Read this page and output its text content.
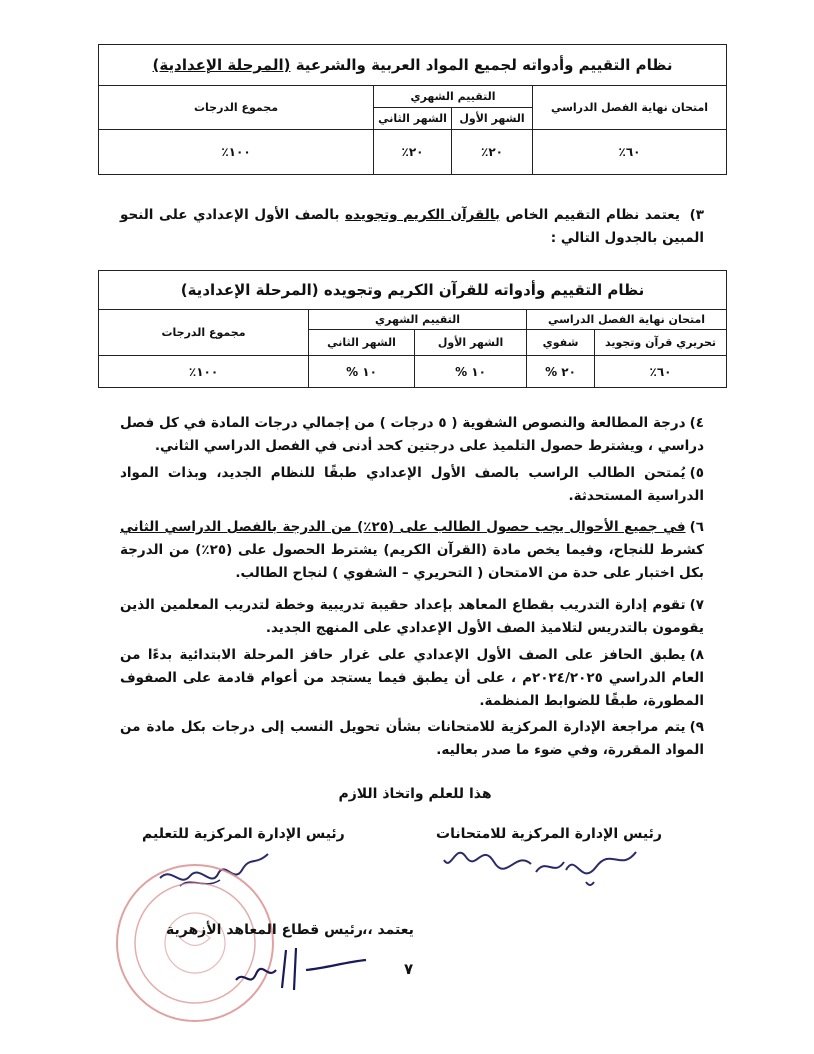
نظام التقييم وأدواته لجميع المواد العربية والشرعية (المرحلة الإعدادية)			
امتحان نهاية الفصل الدراسي	التقييم الشهري		مجموع الدرجات
	الشهر الأول	الشهر الثاني	
٦٠٪	٢٠٪	٢٠٪	١٠٠٪
٣) يعتمد نظام التقييم الخاص بالقرآن الكريم وتجويده بالصف الأول الإعدادي على النحو المبين بالجدول التالي :
نظام التقييم وأدواته للقرآن الكريم وتجويده (المرحلة الإعدادية)				
امتحان نهاية الفصل الدراسي		التقييم الشهري		مجموع الدرجات
تحريري قرآن وتجويد	شفوي	الشهر الأول	الشهر الثاني	
٦٠٪	٢٠ %	١٠ %	١٠ %	١٠٠٪
٤)درجة المطالعة والنصوص الشفوية ( ٥ درجات ) من إجمالي درجات المادة في كل فصل دراسي ، ويشترط حصول التلميذ على درجتين كحد أدنى في الفصل الدراسي الثاني.
٥)يُمتحن الطالب الراسب بالصف الأول الإعدادي طبقًا للنظام الجديد، وبذات المواد الدراسية المستحدثة.
٦)في جميع الأحوال يجب حصول الطالب على (٢٥٪) من الدرجة بالفصل الدراسي الثاني كشرط للنجاح، وفيما يخص مادة (القرآن الكريم) يشترط الحصول على (٢٥٪) من الدرجة بكل اختبار على حدة من الامتحان ( التحريري – الشفوي ) لنجاح الطالب.
٧)تقوم إدارة التدريب بقطاع المعاهد بإعداد حقيبة تدريبية وخطة لتدريب المعلمين الذين يقومون بالتدريس لتلاميذ الصف الأول الإعدادي على المنهج الجديد.
٨)يطبق الحافز على الصف الأول الإعدادي على غرار حافز المرحلة الابتدائية بدءًا من العام الدراسي ٢٠٢٤/٢٠٢٥م ، على أن يطبق فيما يستجد من أعوام قادمة على الصفوف المطورة، طبقًا للضوابط المنظمة.
٩)يتم مراجعة الإدارة المركزية للامتحانات بشأن تحويل النسب إلى درجات بكل مادة من المواد المقررة، وفي ضوء ما صدر بعاليه.
هذا للعلم واتخاذ اللازم
رئيس الإدارة المركزية للامتحانات
رئيس الإدارة المركزية للتعليم
يعتمد ،،
رئيس قطاع المعاهد الأزهرية
٧
